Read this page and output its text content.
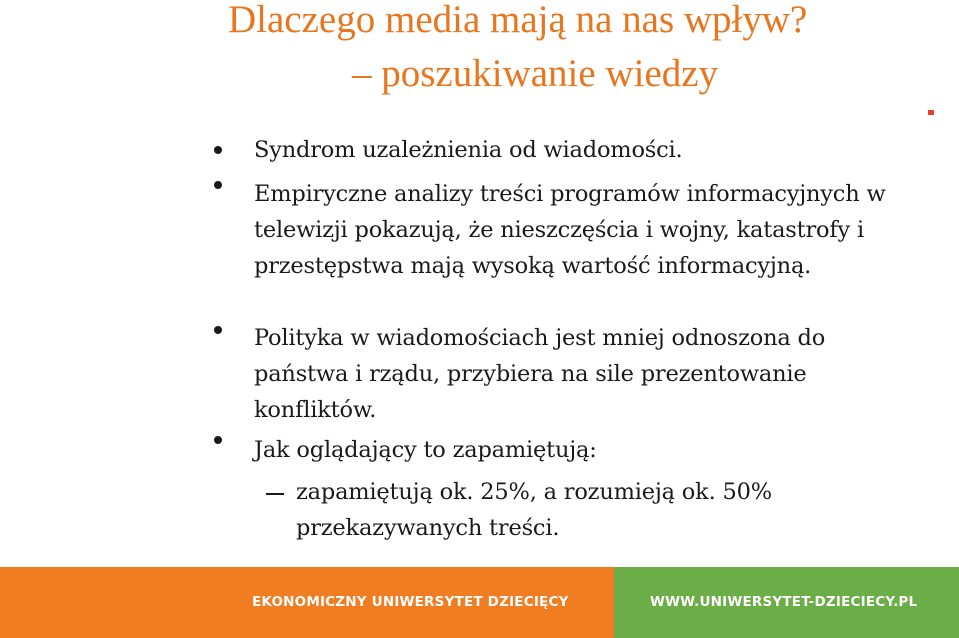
Dlaczego media mają na nas wpływ?
– poszukiwanie wiedzy
Syndrom uzależnienia od wiadomości.
Empiryczne analizy treści programów informacyjnych w telewizji pokazują, że nieszczęścia i wojny, katastrofy i przestępstwa mają wysoką wartość informacyjną.
Polityka w wiadomościach jest mniej odnoszona do państwa i rządu, przybiera na sile prezentowanie konfliktów.
Jak oglądający to zapamiętują:
zapamiętują ok. 25%, a rozumieją ok. 50% przekazywanych treści.
EKONOMICZNY UNIWERSYTET DZIECIĘCY	WWW.UNIWERSYTET-DZIECIECY.PL
